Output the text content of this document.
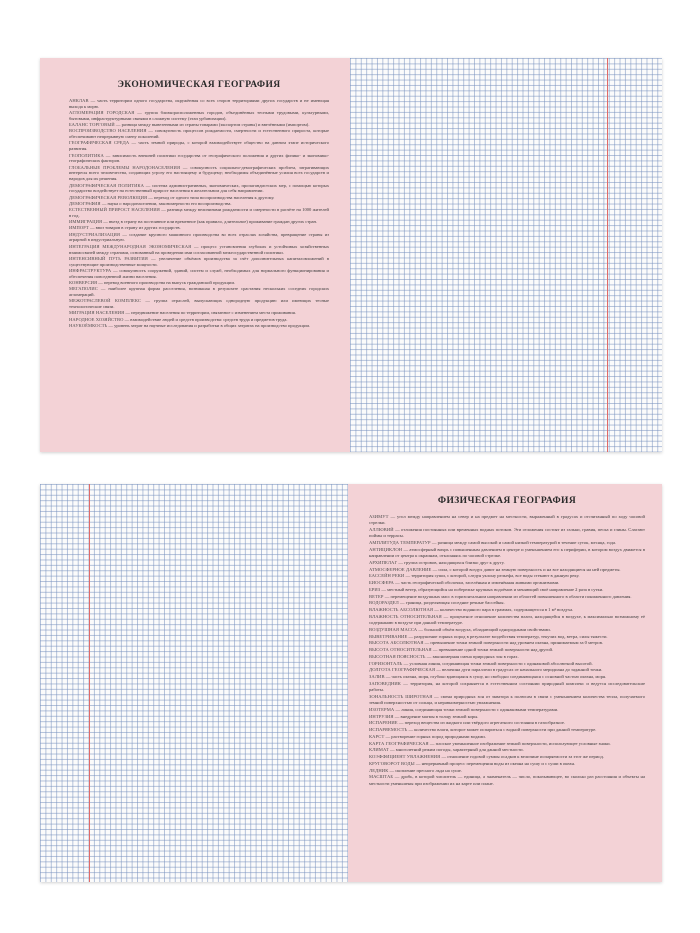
ЭКОНОМИЧЕСКАЯ ГЕОГРАФИЯ

АНКЛАВ — часть территории одного государства, окружённая со всех сторон территориями других государств и не имеющая выхода к морю.

АГЛОМЕРАЦИЯ ГОРОДСКАЯ — группа близкорасположенных городов, объединённых тесными трудовыми, культурными, бытовыми, инфраструктурными связями в сложную систему (этап урбанизации).

БАЛАНС ТОРГОВЫЙ — разница между вывезенными из страны товарами (экспортом страны) и ввезёнными (импортом).

ВОСПРОИЗВОДСТВО НАСЕЛЕНИЯ — совокупность процессов рождаемости, смертности и естественного прироста, которые обеспечивают непрерывную смену поколений.

ГЕОГРАФИЧЕСКАЯ СРЕДА — часть земной природы, с которой взаимодействует общество на данном этапе исторического развития.

ГЕОПОЛИТИКА — зависимость внешней политики государства от географического положения и других физико- и экономико-географических факторов.

ГЛОБАЛЬНЫЕ ПРОБЛЕМЫ НАРОДОНАСЕЛЕНИЯ — совокупность социально-демографических проблем, затрагивающих интересы всего человечества, создающих угрозу его настоящему и будущему; необходимы объединённые усилия всех государств и народов для их решения.

ДЕМОГРАФИЧЕСКАЯ ПОЛИТИКА — система административных, экономических, пропагандистских мер, с помощью которых государство воздействует на естественный прирост населения в желательном для себя направлении.

ДЕМОГРАФИЧЕСКАЯ РЕВОЛЮЦИЯ — переход от одного типа воспроизводства населения к другому.

ДЕМОГРАФИЯ — наука о народонаселении, закономерности его воспроизводства.

ЕСТЕСТВЕННЫЙ ПРИРОСТ НАСЕЛЕНИЯ — разница между величинами рождаемости и смертности в расчёте на 1000 жителей в год.

ИММИГРАЦИЯ — въезд в страну на постоянное или временное (как правило, длительное) проживание граждан других стран.

ИМПОРТ — ввоз товаров в страну из других государств.

ИНДУСТРИАЛИЗАЦИЯ — создание крупного машинного производства во всех отраслях хозяйства, превращение страны из аграрной в индустриальную.

ИНТЕГРАЦИЯ МЕЖДУНАРОДНАЯ ЭКОНОМИЧЕСКАЯ — процесс установления глубоких и устойчивых хозяйственных взаимосвязей между странами, основанный на проведении ими согласованной межгосударственной политики.

ИНТЕНСИВНЫЙ ПУТЬ РАЗВИТИЯ — увеличение объёмов производства за счёт дополнительных капиталовложений в существующие производственные мощности.

ИНФРАСТРУКТУРА — совокупность сооружений, зданий, систем и служб, необходимых для нормального функционирования и обеспечения повседневной жизни населения.

КОНВЕРСИЯ — перевод военного производства на выпуск гражданской продукции.

МЕГАПОЛИС — наиболее крупная форма расселения, возникшая в результате срастания нескольких соседних городских агломераций.

МЕЖОТРАСЛЕВОЙ КОМПЛЕКС — группа отраслей, выпускающих однородную продукцию или имеющих тесные технологические связи.

МИГРАЦИЯ НАСЕЛЕНИЯ — передвижение населения по территории, связанное с изменением места проживания.

НАРОДНОЕ ХОЗЯЙСТВО — взаимодействие людей и средств производства: средств труда и предметов труда.

НАУКОЁМКОСТЬ — уровень затрат на научные исследования и разработки в общих затратах на производство продукции.

ФИЗИЧЕСКАЯ ГЕОГРАФИЯ

АЗИМУТ — угол между направлением на север и на предмет на местности, выраженный в градусах и отсчитанный по ходу часовой стрелки.

АЛЛЮВИЙ — отложения постоянных или временных водных потоков. Эти отложения состоят из гальки, гравия, песка и глины. Слагают поймы и террасы.

АМПЛИТУДА ТЕМПЕРАТУР — разница между самой высокой и самой низкой температурой в течение суток, месяца, года.

АНТИЦИКЛОН — атмосферный вихрь с повышенным давлением в центре и уменьшением его к периферии, в котором воздух движется в направлении от центра к окраинам, отклоняясь по часовой стрелке.

АРХИПЕЛАГ — группа островов, находящихся близко друг к другу.

АТМОСФЕРНОЕ ДАВЛЕНИЕ — сила, с которой воздух давит на земную поверхность и на все находящиеся на ней предметы.

БАССЕЙН РЕКИ — территория суши, с которой, следуя уклону рельефа, все воды стекают в данную реку.

БИОСФЕРА — часть географической оболочки, заселённая и изменённая живыми организмами.

БРИЗ — местный ветер, образующийся на побережье крупных водоёмов и меняющий своё направление 2 раза в сутки.

ВЕТЕР — перемещение воздушных масс в горизонтальном направлении из областей повышенного в области пониженного давления.

ВОДОРАЗДЕЛ — граница, разделяющая соседние речные бассейны.

ВЛАЖНОСТЬ АБСОЛЮТНАЯ — количество водяного пара в граммах, содержащегося в 1 м³ воздуха.

ВЛАЖНОСТЬ ОТНОСИТЕЛЬНАЯ — процентное отношение количества влаги, находящейся в воздухе, к максимально возможному её содержанию в воздухе при данной температуре.

ВОЗДУШНАЯ МАССА — большой объём воздуха, обладающий однородными свойствами.

ВЫВЕТРИВАНИЕ — разрушение горных пород в результате воздействия температур, текучих вод, ветра, силы тяжести.

ВЫСОТА АБСОЛЮТНАЯ — превышение точки земной поверхности над уровнем океана, принимаемым за 0 метров.

ВЫСОТА ОТНОСИТЕЛЬНАЯ — превышение одной точки земной поверхности над другой.

ВЫСОТНАЯ ПОЯСНОСТЬ — закономерная смена природных зон в горах.

ГОРИЗОНТАЛЬ — условная линия, соединяющая точки земной поверхности с одинаковой абсолютной высотой.

ДОЛГОТА ГЕОГРАФИЧЕСКАЯ — величина дуги параллели в градусах от начального меридиана до заданной точки.

ЗАЛИВ — часть океана, моря, глубоко вдающаяся в сушу, но свободно соединяющаяся с основной частью океана, моря.

ЗАПОВЕДНИК — территория, на которой сохраняется в естественном состоянии природный комплекс и ведутся исследовательские работы.

ЗОНАЛЬНОСТЬ ШИРОТНАЯ — смена природных зон от экватора к полюсам в связи с уменьшением количества тепла, получаемого земной поверхностью от солнца, и неравномерностью увлажнения.

ИЗОТЕРМА — линия, соединяющая точки земной поверхности с одинаковыми температурами.

ИНТРУЗИЯ — внедрение магмы в толщу земной коры.

ИСПАРЕНИЕ — переход вещества из жидкого или твёрдого агрегатного состояния в газообразное.

ИСПАРЯЕМОСТЬ — количество влаги, которое может испариться с водной поверхности при данной температуре.

КАРСТ — растворение горных пород природными водами.

КАРТА ГЕОГРАФИЧЕСКАЯ — плоское уменьшенное изображение земной поверхности, использующее условные знаки.

КЛИМАТ — многолетний режим погоды, характерный для данной местности.

КОЭФФИЦИЕНТ УВЛАЖНЕНИЯ — отношение годовой суммы осадков к величине испаряемости за этот же период.

КРУГОВОРОТ ВОДЫ — непрерывный процесс перемещения воды из океана на сушу и с суши в океан.

ЛЕДНИК — скопление пресного льда на суше.

МАСШТАБ — дробь, в которой числитель — единица, а знаменатель — число, показывающее, во сколько раз расстояния и объекты на местности уменьшены при изображении их на карте или плане.
